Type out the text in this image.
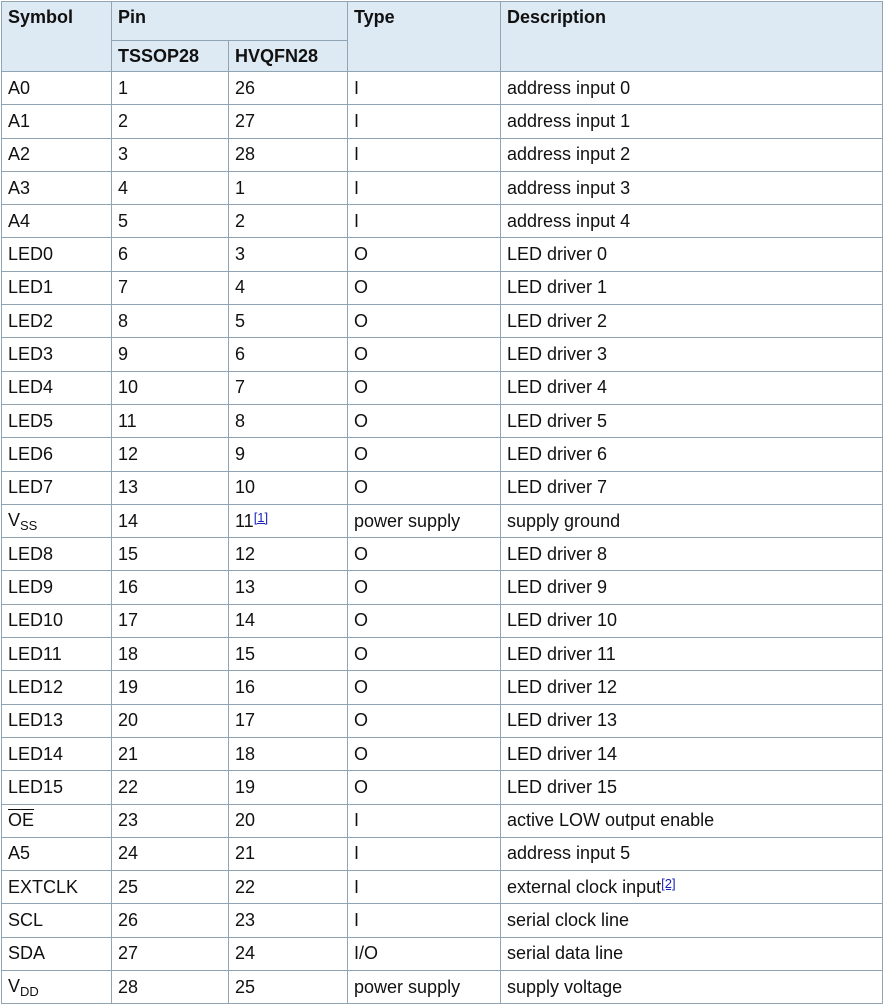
Symbol	Pin		Type	Description
	TSSOP28	HVQFN28		
A0	1	26	I	address input 0
A1	2	27	I	address input 1
A2	3	28	I	address input 2
A3	4	1	I	address input 3
A4	5	2	I	address input 4
LED0	6	3	O	LED driver 0
LED1	7	4	O	LED driver 1
LED2	8	5	O	LED driver 2
LED3	9	6	O	LED driver 3
LED4	10	7	O	LED driver 4
LED5	11	8	O	LED driver 5
LED6	12	9	O	LED driver 6
LED7	13	10	O	LED driver 7
$V_{SS}$	14	11[1]	power supply	supply ground
LED8	15	12	O	LED driver 8
LED9	16	13	O	LED driver 9
LED10	17	14	O	LED driver 10
LED11	18	15	O	LED driver 11
LED12	19	16	O	LED driver 12
LED13	20	17	O	LED driver 13
LED14	21	18	O	LED driver 14
LED15	22	19	O	LED driver 15
$\overline{OE}$	23	20	I	active LOW output enable
A5	24	21	I	address input 5
EXTCLK	25	22	I	external clock input[2]
SCL	26	23	I	serial clock line
SDA	27	24	I/O	serial data line
$V_{DD}$	28	25	power supply	supply voltage
